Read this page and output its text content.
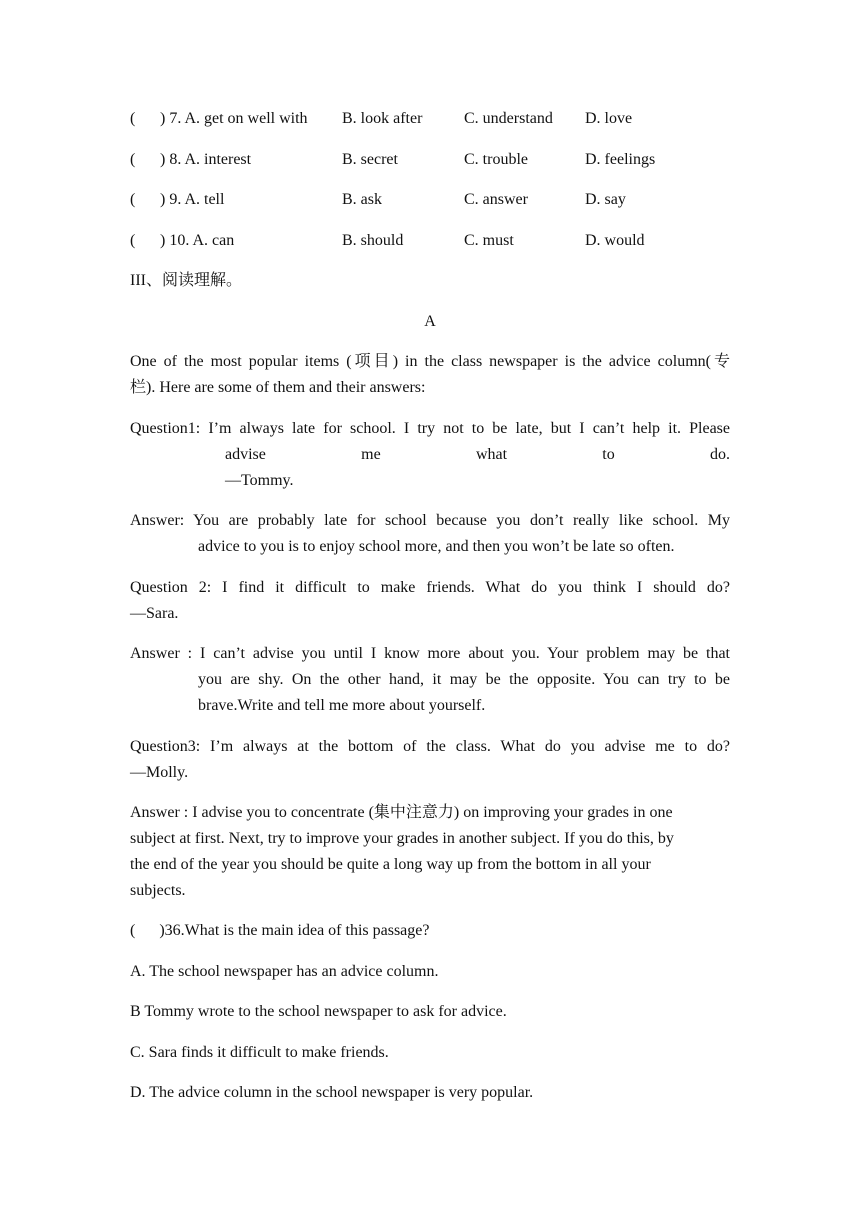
( ) 7. A. get on well with B. look after	C. understand D. love
( ) 8. A. interest	B. secret	C. trouble	D. feelings
( ) 9. A. tell	B. ask	C. answer	D. say
( ) 10. A. can	B. should	C. must	D. would
III、阅读理解。
A
One of the most popular items (项目) in the class newspaper is the advice column(专
栏). Here are some of them and their answers:
Question1: I’m always late for school. I try not to be late, but I can’t help it. Please
advise me what to do.
—Tommy.
Answer: You are probably late for school because you don’t really like school. My
advice to you is to enjoy school more, and then you won’t be late so often.
Question 2: I find it difficult to make friends. What do you think I should do?
—Sara.
Answer : I can’t advise you until I know more about you. Your problem may be that
you are shy. On the other hand, it may be the opposite. You can try to be
brave.Write and tell me more about yourself.
Question3: I’m always at the bottom of the class. What do you advise me to do?
—Molly.
Answer : I advise you to concentrate (集中注意力) on improving your grades in one
subject at first. Next, try to improve your grades in another subject. If you do this, by
the end of the year you should be quite a long way up from the bottom in all your
subjects.
(      )36.What is the main idea of this passage?
A. The school newspaper has an advice column.
B Tommy wrote to the school newspaper to ask for advice.
C. Sara finds it difficult to make friends.
D. The advice column in the school newspaper is very popular.
